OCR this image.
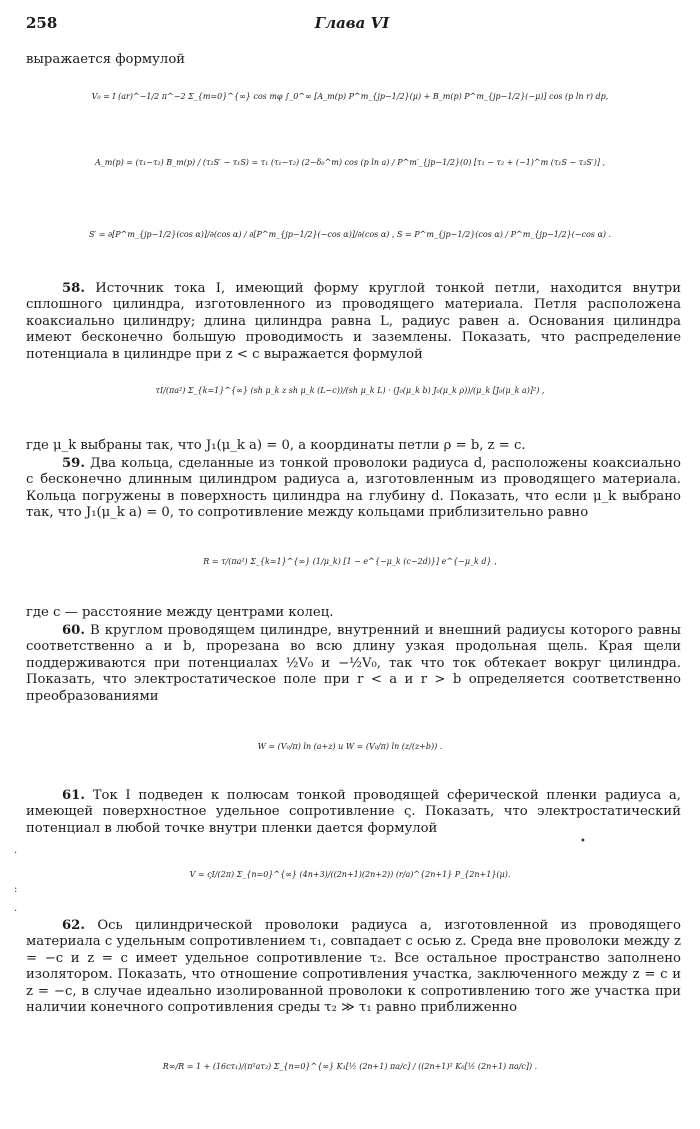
258	Глава VI
выражается формулой
V₀ = I (ar)^−1/2 π^−2 Σ_{m=0}^{∞} cos mφ ∫_0^∞ [A_m(p) P^m_{jp−1/2}(μ) + B_m(p) P^m_{jp−1/2}(−μ)] cos (p ln r) dp,
A_m(p) = (τ₁−τ₂) B_m(p) / (τ₂S′ − τ₁S) = τ₁ (τ₁−τ₂) (2−δ₀^m) cos (p ln a) / P^m′_{jp−1/2}(0) [τ₁ − τ₂ + (−1)^m (τ₁S − τ₂S′)] ,
S′ = ∂[P^m_{jp−1/2}(cos α)]/∂(cos α) / ∂[P^m_{jp−1/2}(−cos α)]/∂(cos α) , S = P^m_{jp−1/2}(cos α) / P^m_{jp−1/2}(−cos α) .
58. Источник тока I, имеющий форму круглой тонкой петли, находится внутри сплошного цилиндра, изготовленного из проводящего материала. Петля расположена коаксиально цилиндру; длина цилиндра равна L, радиус равен a. Основания цилиндра имеют бесконечно большую проводимость и заземлены. Показать, что распределение потенциала в цилиндре при z < c выражается формулой
τI/(πa²) Σ_{k=1}^{∞} (sh μ_k z sh μ_k (L−c))/(sh μ_k L) · (J₀(μ_k b) J₀(μ_k ρ))/(μ_k [J₀(μ_k a)]²) ,
где μ_k выбраны так, что J₁(μ_k a) = 0, а координаты петли ρ = b, z = c.
59. Два кольца, сделанные из тонкой проволоки радиуса d, расположены коаксиально с бесконечно длинным цилиндром радиуса a, изготовленным из проводящего материала. Кольца погружены в поверхность цилиндра на глубину d. Показать, что если μ_k выбрано так, что J₁(μ_k a) = 0, то сопротивление между кольцами приблизительно равно
R = τ/(πa²) Σ_{k=1}^{∞} (1/μ_k) [1 − e^{−μ_k (c−2d)}] e^{−μ_k d} ,
где c — расстояние между центрами колец.
60. В круглом проводящем цилиндре, внутренний и внешний радиусы которого равны соответственно a и b, прорезана во всю длину узкая продольная щель. Края щели поддерживаются при потенциалах ½V₀ и −½V₀, так что ток обтекает вокруг цилиндра. Показать, что электростатическое поле при r < a и r > b определяется соответственно преобразованиями
W = (V₀/π) ln (a+z) и W = (V₀/π) ln (z/(z+b)) .
61. Ток I подведен к полюсам тонкой проводящей сферической пленки радиуса a, имеющей поверхностное удельное сопротивление ς. Показать, что электростатический потенциал в любой точке внутри пленки дается формулой
V = ςI/(2π) Σ_{n=0}^{∞} (4n+3)/((2n+1)(2n+2)) (r/a)^{2n+1} P_{2n+1}(μ).
62. Ось цилиндрической проволоки радиуса a, изготовленной из проводящего материала с удельным сопротивлением τ₁, совпадает с осью z. Среда вне проволоки между z = −c и z = c имеет удельное сопротивление τ₂. Все остальное пространство заполнено изолятором. Показать, что отношение сопротивления участка, заключенного между z = c и z = −c, в случае идеально изолированной проволоки к сопротивлению того же участка при наличии конечного сопротивления среды τ₂ ≫ τ₁ равно приближенно
R∞/R = 1 + (16cτ₁)/(π²aτ₂) Σ_{n=0}^{∞} K₁[½ (2n+1) πa/c] / ((2n+1)² K₀[½ (2n+1) πa/c]) .
·
:
·
•
